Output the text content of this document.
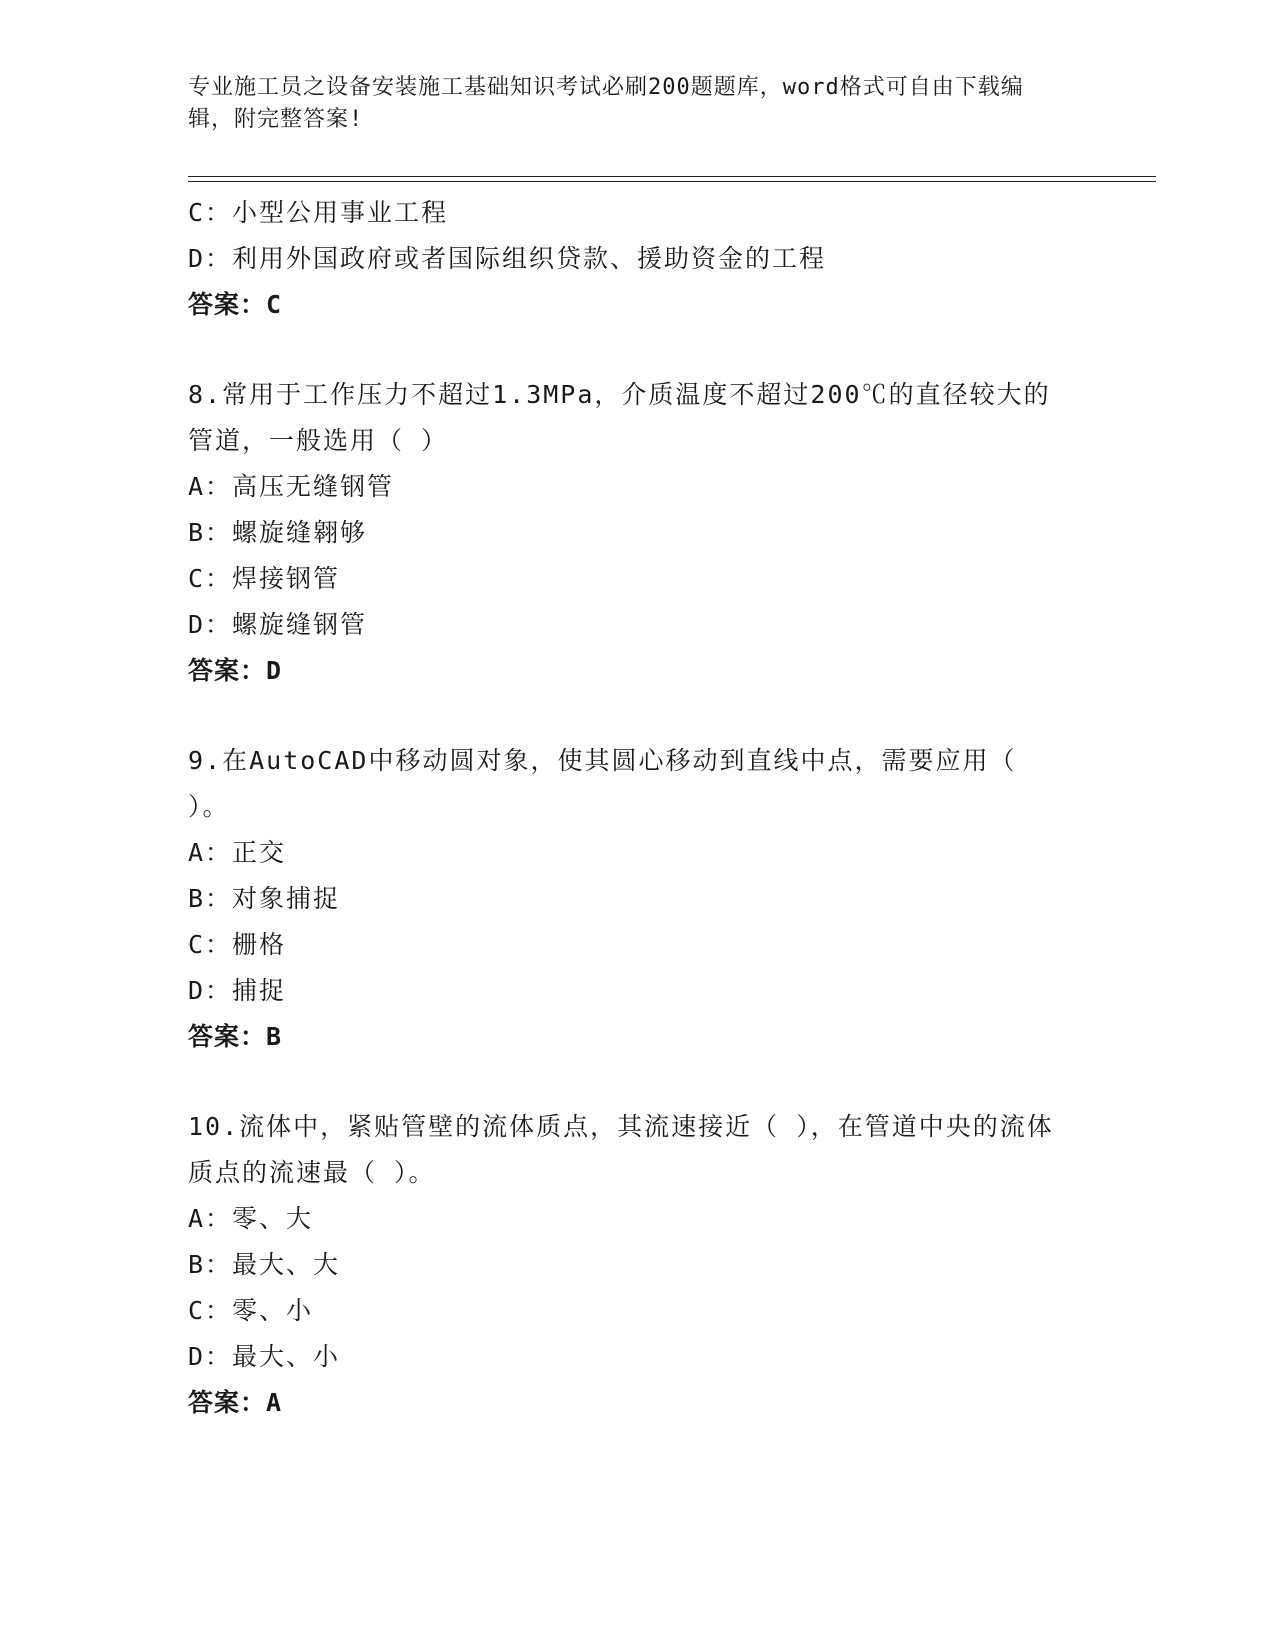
专业施工员之设备安装施工基础知识考试必刷200题题库，word格式可自由下载编辑，附完整答案!
C：小型公用事业工程
D：利用外国政府或者国际组织贷款、援助资金的工程
答案：C
8.常用于工作压力不超过1.3MPa，介质温度不超过200℃的直径较大的管道，一般选用（ ）
A：高压无缝钢管
B：螺旋缝翱够
C：焊接钢管
D：螺旋缝钢管
答案：D
9.在AutoCAD中移动圆对象，使其圆心移动到直线中点，需要应用（ ）。
A：正交
B：对象捕捉
C：栅格
D：捕捉
答案：B
10.流体中，紧贴管壁的流体质点，其流速接近（ ），在管道中央的流体质点的流速最（ ）。
A：零、大
B：最大、大
C：零、小
D：最大、小
答案：A
